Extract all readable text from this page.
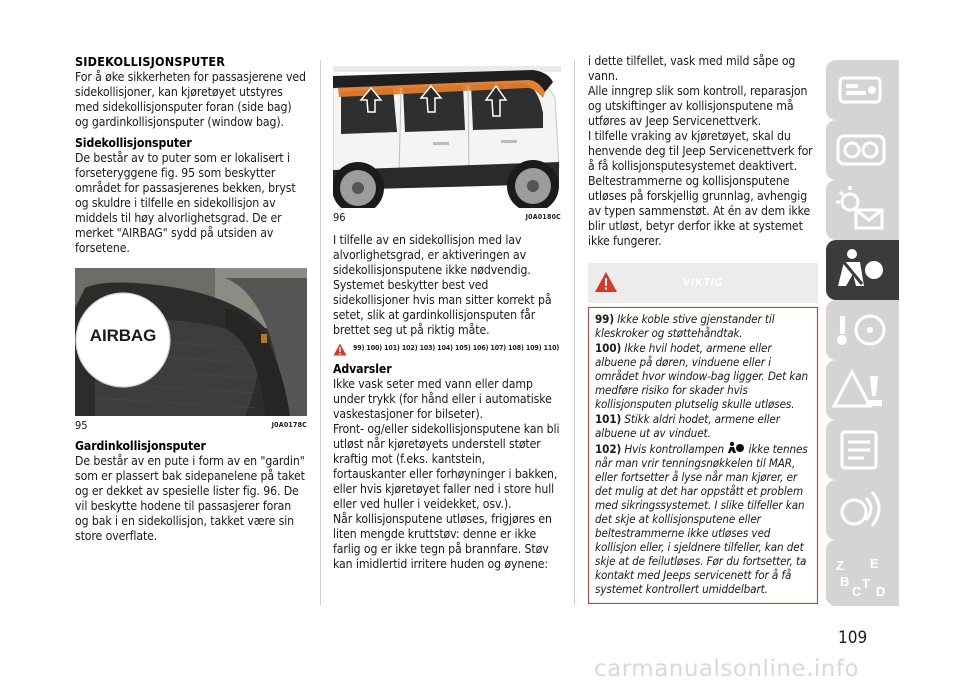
SIDEKOLLISJONSPUTER

For å øke sikkerheten for passasjerene ved sidekollisjoner, kan kjøretøyet utstyres med sidekollisjonsputer foran (side bag) og gardinkollisjonsputer (window bag).

Sidekollisjonsputer

De består av to puter som er lokalisert i forseteryggene fig. 95 som beskytter området for passasjerenes bekken, bryst og skuldre i tilfelle en sidekollisjon av middels til høy alvorlighetsgrad. De er merket "AIRBAG" sydd på utsiden av forsetene.

AIRBAG
95	J0A0178C
Gardinkollisjonsputer

De består av en pute i form av en "gardin" som er plassert bak sidepanelene på taket og er dekket av spesielle lister fig. 96. De vil beskytte hodene til passasjerer foran og bak i en sidekollisjon, takket være sin store overflate.

96	J0A0180C

I tilfelle av en sidekollisjon med lav alvorlighetsgrad, er aktiveringen av sidekollisjonsputene ikke nødvendig.

Systemet beskytter best ved sidekollisjoner hvis man sitter korrekt på setet, slik at gardinkollisjonsputen får brettet seg ut på riktig måte.

99) 100) 101) 102) 103) 104) 105) 106) 107) 108) 109) 110)
Advarsler

Ikke vask seter med vann eller damp under trykk (for hånd eller i automatiske vaskestasjoner for bilseter).

Front- og/eller sidekollisjonsputene kan bli utløst når kjøretøyets understell støter kraftig mot (f.eks. kantstein, fortauskanter eller forhøyninger i bakken, eller hvis kjøretøyet faller ned i store hull eller ved huller i veidekket, osv.).

Når kollisjonsputene utløses, frigjøres en liten mengde kruttstøv: denne er ikke farlig og er ikke tegn på brannfare. Støv kan imidlertid irritere huden og øynene:

i dette tilfellet, vask med mild såpe og vann.

Alle inngrep slik som kontroll, reparasjon og utskiftinger av kollisjonsputene må utføres av Jeep Servicenettverk.

I tilfelle vraking av kjøretøyet, skal du henvende deg til Jeep Servicenettverk for å få kollisjonsputesystemet deaktivert.

Beltestrammerne og kollisjonsputene utløses på forskjellig grunnlag, avhengig av typen sammenstøt. At én av dem ikke blir utløst, betyr derfor ikke at systemet ikke fungerer.

VIKTIG
99) Ikke koble stive gjenstander til kleskroker og støttehåndtak.
100) Ikke hvil hodet, armene eller albuene på døren, vinduene eller i området hvor window-bag ligger. Det kan medføre risiko for skader hvis kollisjonsputen plutselig skulle utløses.
101) Stikk aldri hodet, armene eller albuene ut av vinduet.
102) Hvis kontrollampen ikke tennes når man vrir tenningsnøkkelen til MAR, eller fortsetter å lyse når man kjører, er det mulig at det har oppstått et problem med sikringssystemet. I slike tilfeller kan det skje at kollisjonsputene eller beltestrammerne ikke utløses ved kollisjon eller, i sjeldnere tilfeller, kan det skje at de feilutløses. Før du fortsetter, ta kontakt med Jeeps servicenett for å få systemet kontrollert umiddelbart.
Z E
B
C
T
D
109
carmanualsonline.info
